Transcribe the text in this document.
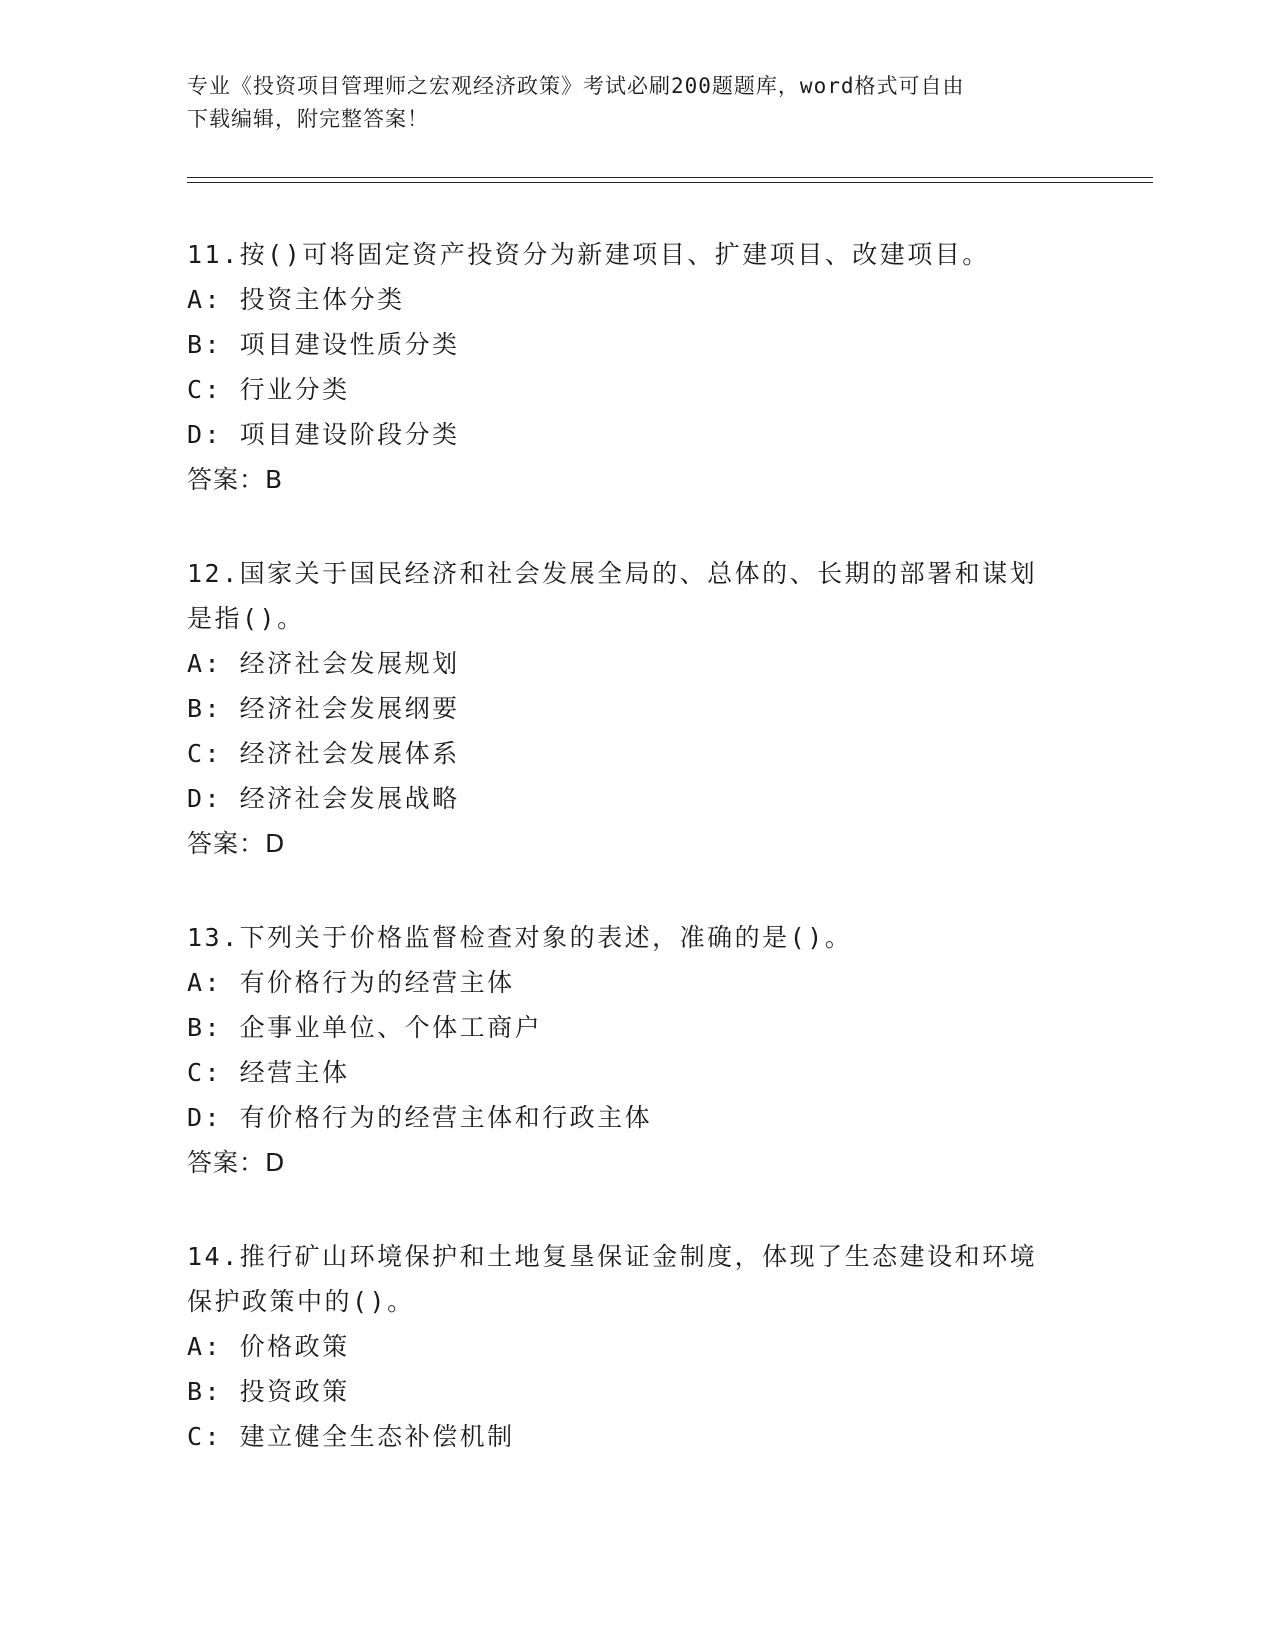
专业《投资项目管理师之宏观经济政策》考试必刷200题题库，word格式可自由
下载编辑，附完整答案！
11.按()可将固定资产投资分为新建项目、扩建项目、改建项目。
A: 投资主体分类
B: 项目建设性质分类
C: 行业分类
D: 项目建设阶段分类
答案：B
12.国家关于国民经济和社会发展全局的、总体的、长期的部署和谋划
是指()。
A: 经济社会发展规划
B: 经济社会发展纲要
C: 经济社会发展体系
D: 经济社会发展战略
答案：D
13.下列关于价格监督检查对象的表述，准确的是()。
A: 有价格行为的经营主体
B: 企事业单位、个体工商户
C: 经营主体
D: 有价格行为的经营主体和行政主体
答案：D
14.推行矿山环境保护和土地复垦保证金制度，体现了生态建设和环境
保护政策中的()。
A: 价格政策
B: 投资政策
C: 建立健全生态补偿机制
